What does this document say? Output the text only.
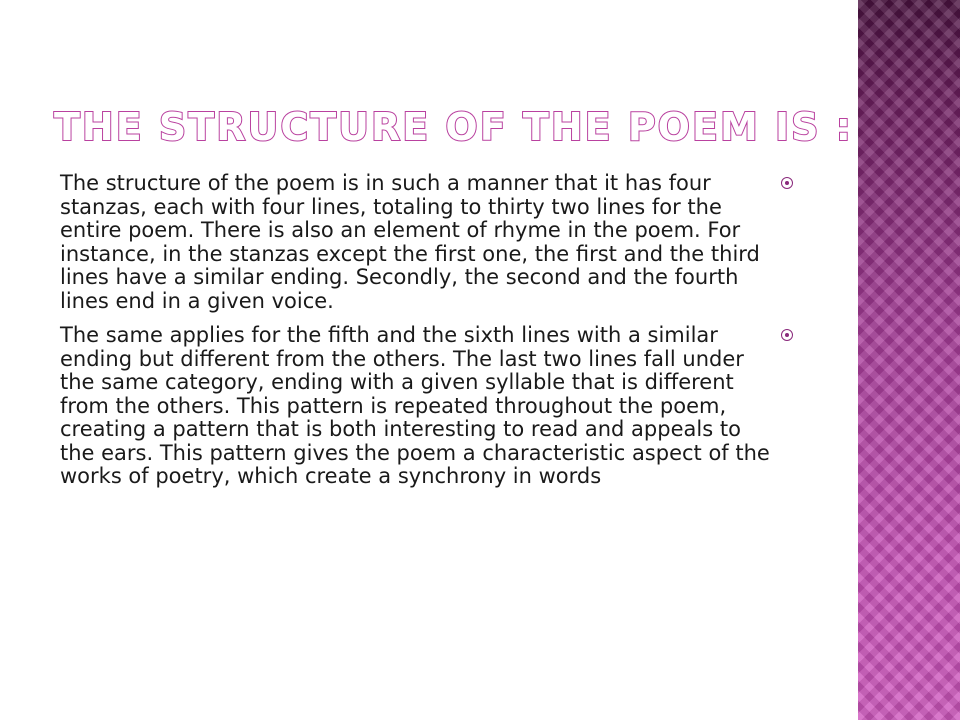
THE STRUCTURE OF THE POEM IS :
The structure of the poem is in such a manner that it has four stanzas, each with four lines, totaling to thirty two lines for the entire poem. There is also an element of rhyme in the poem. For instance, in the stanzas except the first one, the first and the third lines have a similar ending. Secondly, the second and the fourth lines end in a given voice.
The same applies for the fifth and the sixth lines with a similar ending but different from the others. The last two lines fall under the same category, ending with a given syllable that is different from the others. This pattern is repeated throughout the poem, creating a pattern that is both interesting to read and appeals to the ears. This pattern gives the poem a characteristic aspect of the works of poetry, which create a synchrony in words
